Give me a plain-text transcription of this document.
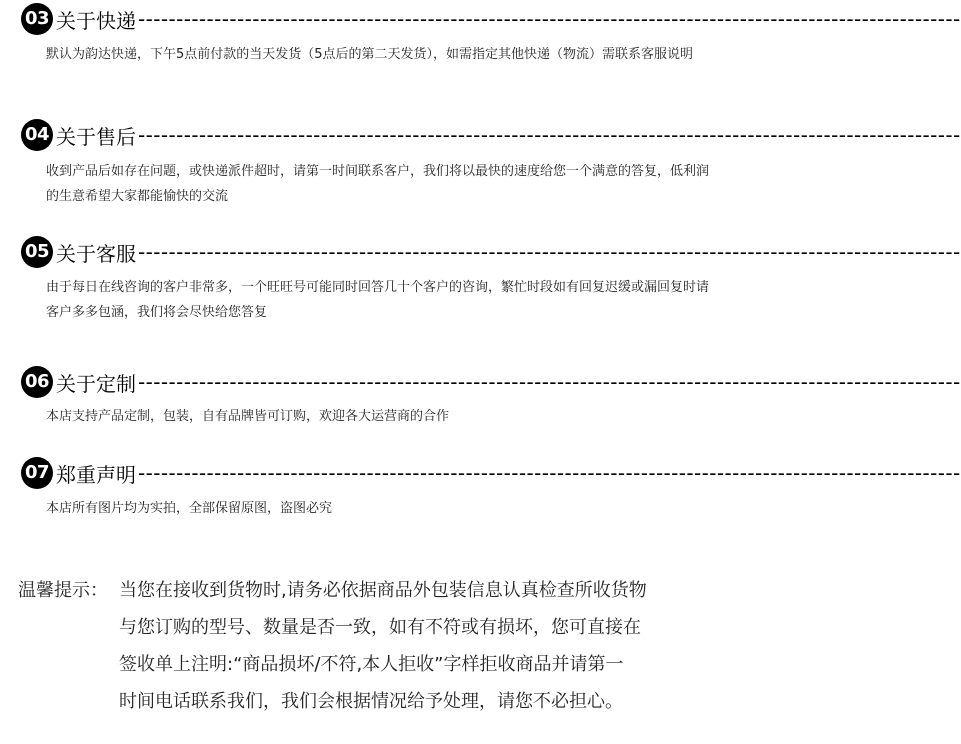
03 关于快递 ------------------------------------------------------------------------------------------------------------
默认为韵达快递，下午5点前付款的当天发货（5点后的第二天发货），如需指定其他快递（物流）需联系客服说明
04 关于售后 ------------------------------------------------------------------------------------------------------------
收到产品后如存在问题，或快递派件超时，请第一时间联系客户，我们将以最快的速度给您一个满意的答复，低利润的生意希望大家都能愉快的交流
05 关于客服 ------------------------------------------------------------------------------------------------------------
由于每日在线咨询的客户非常多，一个旺旺号可能同时回答几十个客户的咨询，繁忙时段如有回复迟缓或漏回复时请客户多多包涵，我们将会尽快给您答复
06 关于定制 ------------------------------------------------------------------------------------------------------------
本店支持产品定制，包装，自有品牌皆可订购，欢迎各大运营商的合作
07 郑重声明 ------------------------------------------------------------------------------------------------------------
本店所有图片均为实拍，全部保留原图，盗图必究
温馨提示： 当您在接收到货物时,请务必依据商品外包装信息认真检查所收货物
与您订购的型号、数量是否一致，如有不符或有损坏，您可直接在
签收单上注明:“商品损坏/不符,本人拒收”字样拒收商品并请第一
时间电话联系我们，我们会根据情况给予处理，请您不必担心。
